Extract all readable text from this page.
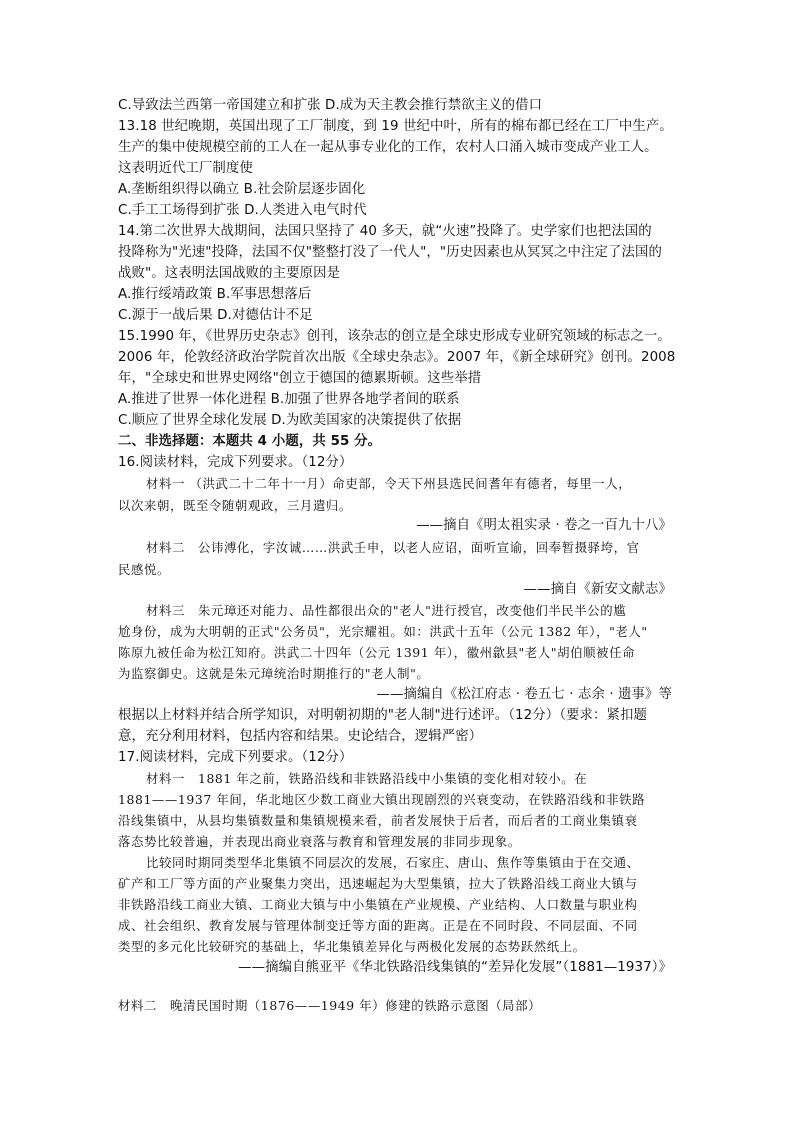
C.导致法兰西第一帝国建立和扩张 D.成为天主教会推行禁欲主义的借口
13.18 世纪晚期，英国出现了工厂制度，到 19 世纪中叶，所有的棉布都已经在工厂中生产。
生产的集中使规模空前的工人在一起从事专业化的工作，农村人口涌入城市变成产业工人。
这表明近代工厂制度使
A.垄断组织得以确立 B.社会阶层逐步固化
C.手工工场得到扩张 D.人类进入电气时代
14.第二次世界大战期间，法国只坚持了 40 多天，就“火速”投降了。史学家们也把法国的
投降称为"光速"投降，法国不仅"整整打没了一代人"，"历史因素也从冥冥之中注定了法国的
战败"。这表明法国战败的主要原因是
A.推行绥靖政策 B.军事思想落后
C.源于一战后果 D.对德估计不足
15.1990 年，《世界历史杂志》创刊，该杂志的创立是全球史形成专业研究领域的标志之一。
2006 年，伦敦经济政治学院首次出版《全球史杂志》。2007 年，《新全球研究》创刊。2008
年，"全球史和世界史网络"创立于德国的德累斯顿。这些举措
A.推进了世界一体化进程 B.加强了世界各地学者间的联系
C.顺应了世界全球化发展 D.为欧美国家的决策提供了依据
二、非选择题：本题共 4 小题，共 55 分。
16.阅读材料，完成下列要求。（12分）
材料一 （洪武二十二年十一月）命吏部，令天下州县选民间耆年有德者，每里一人，
以次来朝，既至令随朝观政，三月遣归。
——摘自《明太祖实录 · 卷之一百九十八》
材料二　公讳溥化，字汝诚……洪武壬申，以老人应诏，面听宣谕，回奉暂摄驿垮，官
民感悦。
——摘自《新安文献志》
材料三　朱元璋还对能力、品性都很出众的"老人"进行授官，改变他们半民半公的尴
尬身份，成为大明朝的正式"公务员"，光宗耀祖。如：洪武十五年（公元 1382 年），"老人"
陈原九被任命为松江知府。洪武二十四年（公元 1391 年），徽州歙县"老人"胡伯顺被任命
为监察御史。这就是朱元璋统治时期推行的"老人制"。
——摘编自《松江府志 · 卷五七 · 志余 · 遗事》等
根据以上材料并结合所学知识，对明朝初期的"老人制"进行述评。（12分）（要求：紧扣题
意，充分利用材料，包括内容和结果。史论结合，逻辑严密）
17.阅读材料，完成下列要求。（12分）
材料一　1881 年之前，铁路沿线和非铁路沿线中小集镇的变化相对较小。在
1881——1937 年间，华北地区少数工商业大镇出现剧烈的兴衰变动，在铁路沿线和非铁路
沿线集镇中，从县均集镇数量和集镇规模来看，前者发展快于后者，而后者的工商业集镇衰
落态势比较普遍，并表现出商业衰落与教育和管理发展的非同步现象。
比较同时期同类型华北集镇不同层次的发展，石家庄、唐山、焦作等集镇由于在交通、
矿产和工厂等方面的产业聚集力突出，迅速崛起为大型集镇，拉大了铁路沿线工商业大镇与
非铁路沿线工商业大镇、工商业大镇与中小集镇在产业规模、产业结构、人口数量与职业构
成、社会组织、教育发展与管理体制变迁等方面的距离。正是在不同时段、不同层面、不同
类型的多元化比较研究的基础上，华北集镇差异化与两极化发展的态势跃然纸上。
——摘编自熊亚平《华北铁路沿线集镇的“差异化发展”（1881—1937）》
材料二　晚清民国时期（1876——1949 年）修建的铁路示意图（局部）
